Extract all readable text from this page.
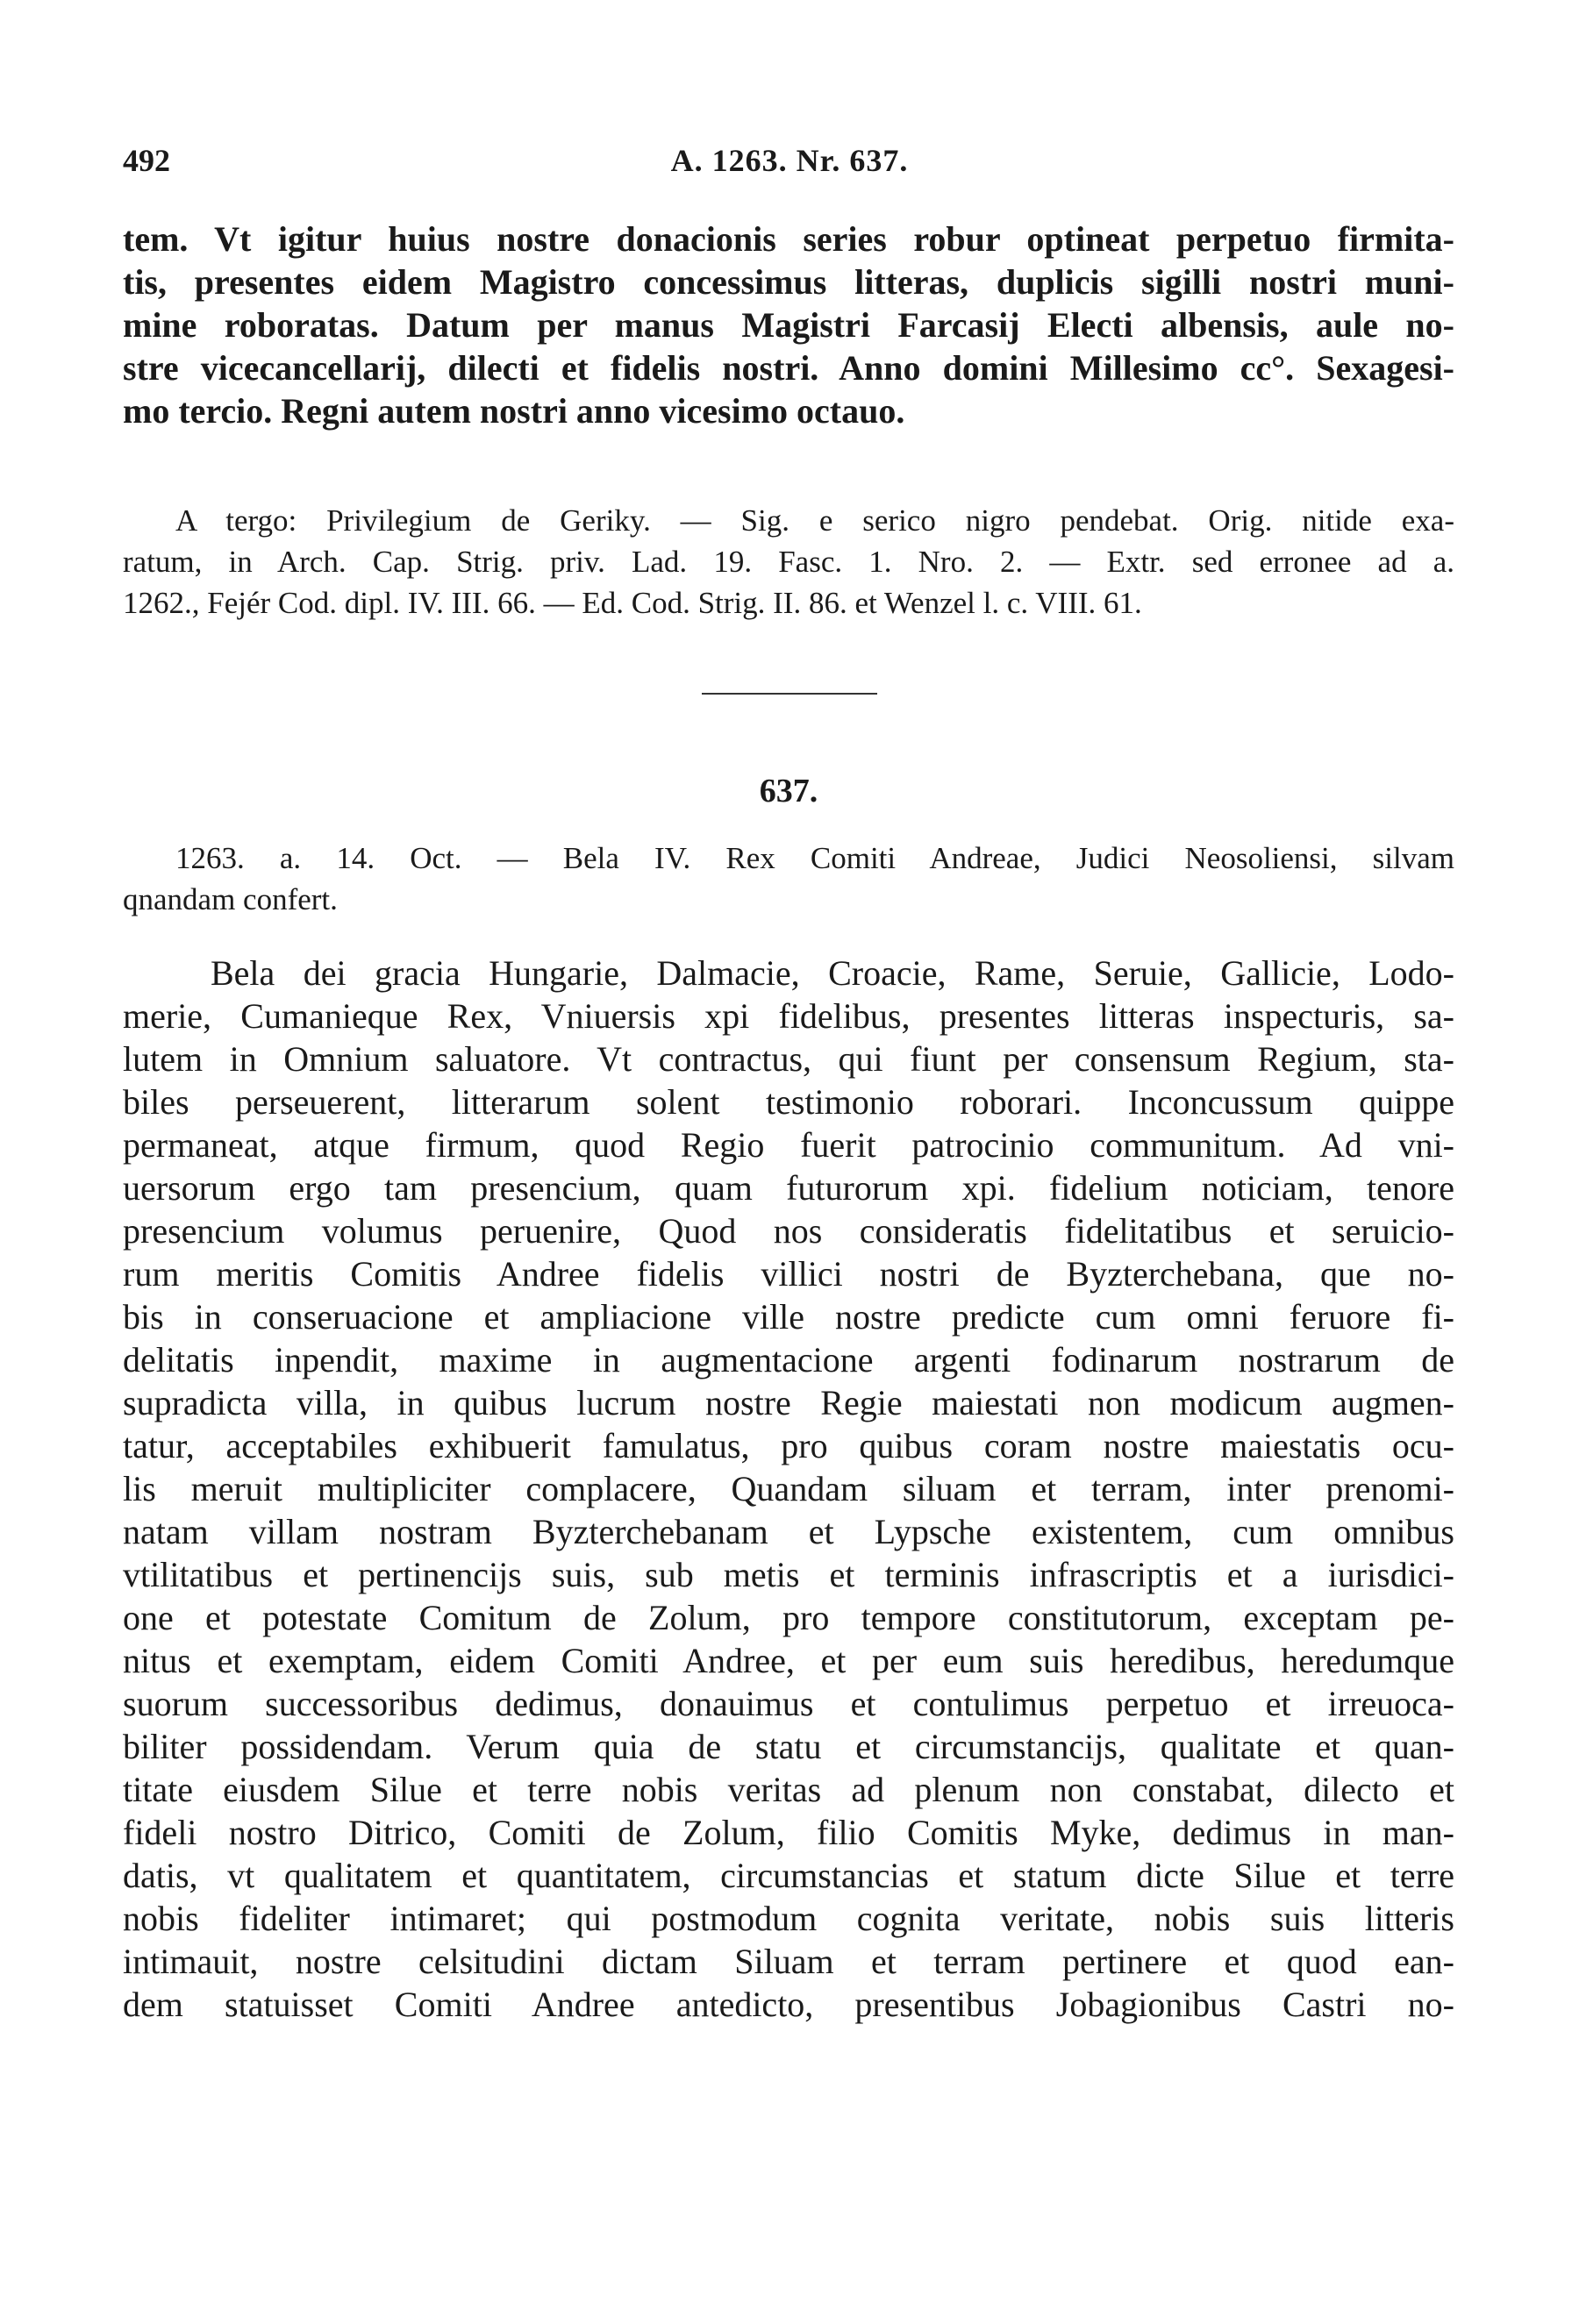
492	A. 1263. Nr. 637.
tem. Vt igitur huius nostre donacionis series robur optineat perpetuo firmita-
tis, presentes eidem Magistro concessimus litteras, duplicis sigilli nostri muni-
mine roboratas. Datum per manus Magistri Farcasij Electi albensis, aule no-
stre vicecancellarij, dilecti et fidelis nostri. Anno domini Millesimo cc°. Sexagesi-
mo tercio. Regni autem nostri anno vicesimo octauo.
A tergo: Privilegium de Geriky. — Sig. e serico nigro pendebat. Orig. nitide exa-
ratum, in Arch. Cap. Strig. priv. Lad. 19. Fasc. 1. Nro. 2. — Extr. sed erronee ad a.
1262., Fejér Cod. dipl. IV. III. 66. — Ed. Cod. Strig. II. 86. et Wenzel l. c. VIII. 61.
637.
1263. a. 14. Oct. — Bela IV. Rex Comiti Andreae, Judici Neosoliensi, silvam
qnandam confert.
Bela dei gracia Hungarie, Dalmacie, Croacie, Rame, Seruie, Gallicie, Lodo-
merie, Cumanieque Rex, Vniuersis xpi fidelibus, presentes litteras inspecturis, sa-
lutem in Omnium saluatore. Vt contractus, qui fiunt per consensum Regium, sta-
biles perseuerent, litterarum solent testimonio roborari. Inconcussum quippe
permaneat, atque firmum, quod Regio fuerit patrocinio communitum. Ad vni-
uersorum ergo tam presencium, quam futurorum xpi. fidelium noticiam, tenore
presencium volumus peruenire, Quod nos consideratis fidelitatibus et seruicio-
rum meritis Comitis Andree fidelis villici nostri de Byzterchebana, que no-
bis in conseruacione et ampliacione ville nostre predicte cum omni feruore fi-
delitatis inpendit, maxime in augmentacione argenti fodinarum nostrarum de
supradicta villa, in quibus lucrum nostre Regie maiestati non modicum augmen-
tatur, acceptabiles exhibuerit famulatus, pro quibus coram nostre maiestatis ocu-
lis meruit multipliciter complacere, Quandam siluam et terram, inter prenomi-
natam villam nostram Byzterchebanam et Lypsche existentem, cum omnibus
vtilitatibus et pertinencijs suis, sub metis et terminis infrascriptis et a iurisdici-
one et potestate Comitum de Zolum, pro tempore constitutorum, exceptam pe-
nitus et exemptam, eidem Comiti Andree, et per eum suis heredibus, heredumque
suorum successoribus dedimus, donauimus et contulimus perpetuo et irreuoca-
biliter possidendam. Verum quia de statu et circumstancijs, qualitate et quan-
titate eiusdem Silue et terre nobis veritas ad plenum non constabat, dilecto et
fideli nostro Ditrico, Comiti de Zolum, filio Comitis Myke, dedimus in man-
datis, vt qualitatem et quantitatem, circumstancias et statum dicte Silue et terre
nobis fideliter intimaret; qui postmodum cognita veritate, nobis suis litteris
intimauit, nostre celsitudini dictam Siluam et terram pertinere et quod ean-
dem statuisset Comiti Andree antedicto, presentibus Jobagionibus Castri no-
